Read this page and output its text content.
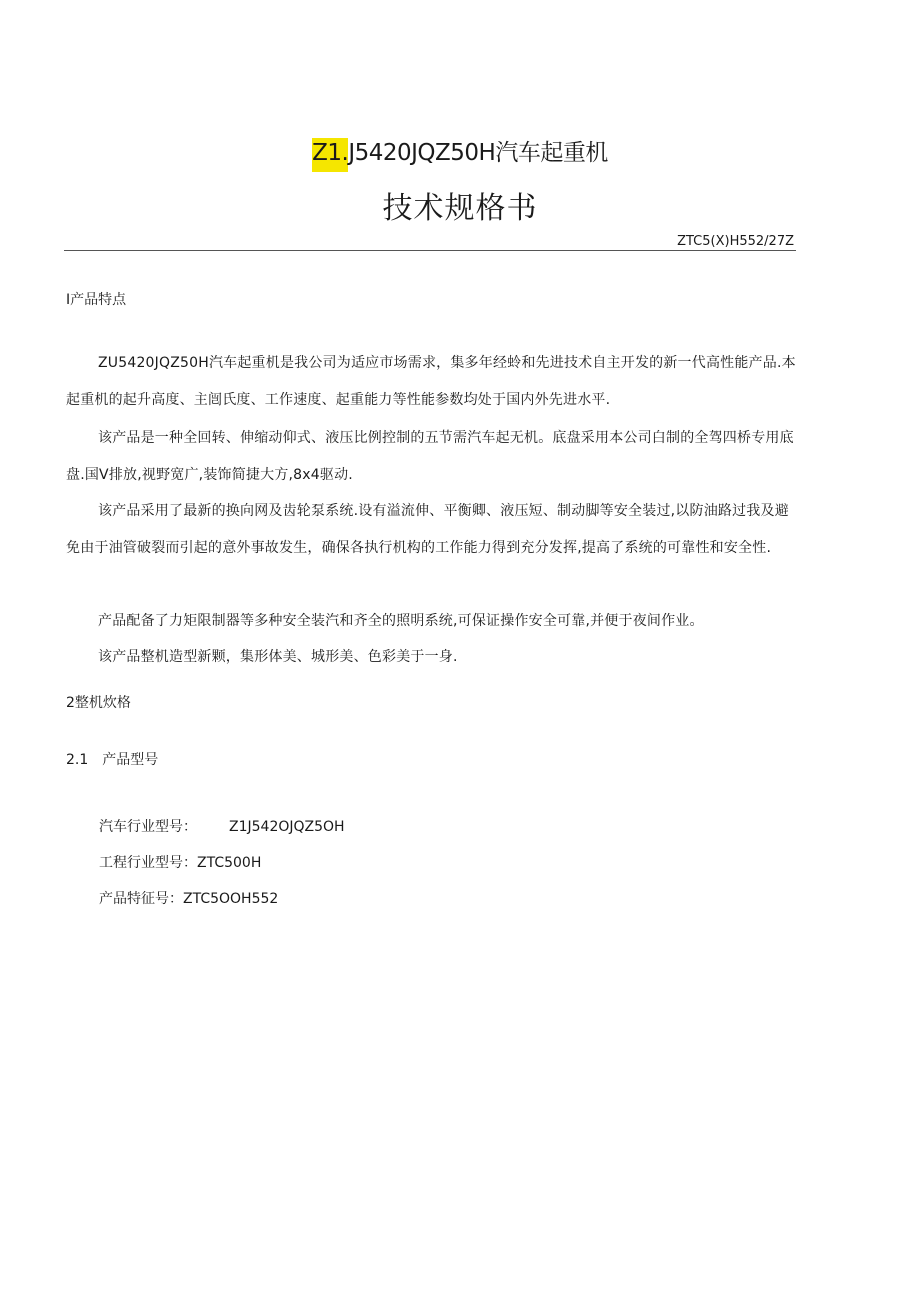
Z1.J5420JQZ50H汽车起重机
技术规格书
ZTC5(X)H552/27Z
I产品特点

ZU5420JQZ50H汽车起重机是我公司为适应市场需求，集多年经蛉和先进技术自主开发的新一代高性能产品.本起重机的起升高度、主闿氏度、工作速度、起重能力等性能参数均处于国内外先进水平.

该产品是一种全回转、伸缩动仰式、液压比例控制的五节需汽车起无机。底盘采用本公司白制的全驾四桥专用底盘.国Ⅴ排放,视野宽广,装饰简捷大方,8x4驱动.

该产品采用了最新的换向网及齿轮泵系统.设有溢流伸、平衡卿、液压短、制动脚等安全装过,以防油路过我及避免由于油管破裂而引起的意外事故发生，确保各执行机构的工作能力得到充分发挥,提高了系统的可靠性和安全性.

产品配备了力矩限制器等多种安全装汽和齐全的照明系统,可保证操作安全可靠,并便于夜间作业。

该产品整机造型新颗，集形体美、城形美、色彩美于一身.

2整机炊格
2.1　产品型号
汽车行业型号： Z1J542OJQZ5OH
工程行业型号：ZTC500H
产品特征号：ZTC5OOH552
